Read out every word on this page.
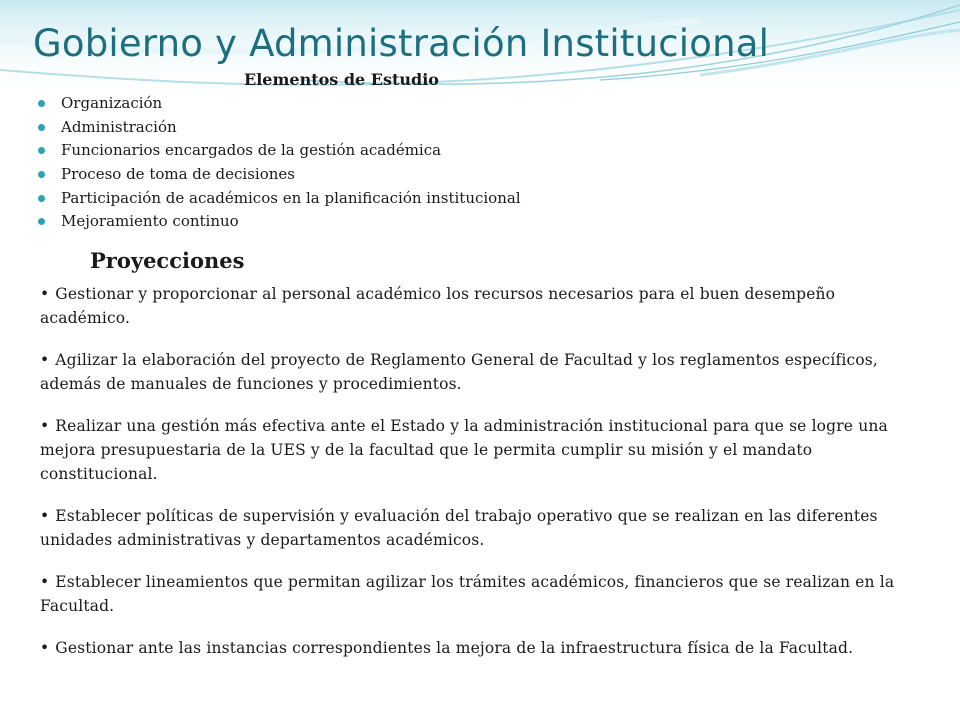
Gobierno y Administración Institucional
Elementos de Estudio
Organización
Administración
Funcionarios encargados de la gestión académica
Proceso de toma de decisiones
Participación de académicos en la planificación institucional
Mejoramiento continuo
Proyecciones
• Gestionar y proporcionar al personal académico los recursos necesarios para el buen desempeño académico.
• Agilizar la elaboración del proyecto de Reglamento General de Facultad y los reglamentos específicos, además de manuales de funciones y procedimientos.
• Realizar una gestión más efectiva ante el Estado y la administración institucional para que se logre una mejora presupuestaria de la UES y de la facultad que le permita cumplir su misión y el mandato constitucional.
• Establecer políticas de supervisión y evaluación del trabajo operativo que se realizan en las diferentes unidades administrativas y departamentos académicos.
• Establecer lineamientos que permitan agilizar los trámites académicos, financieros que se realizan en la Facultad.
• Gestionar ante las instancias correspondientes la mejora de la infraestructura física de la Facultad.
